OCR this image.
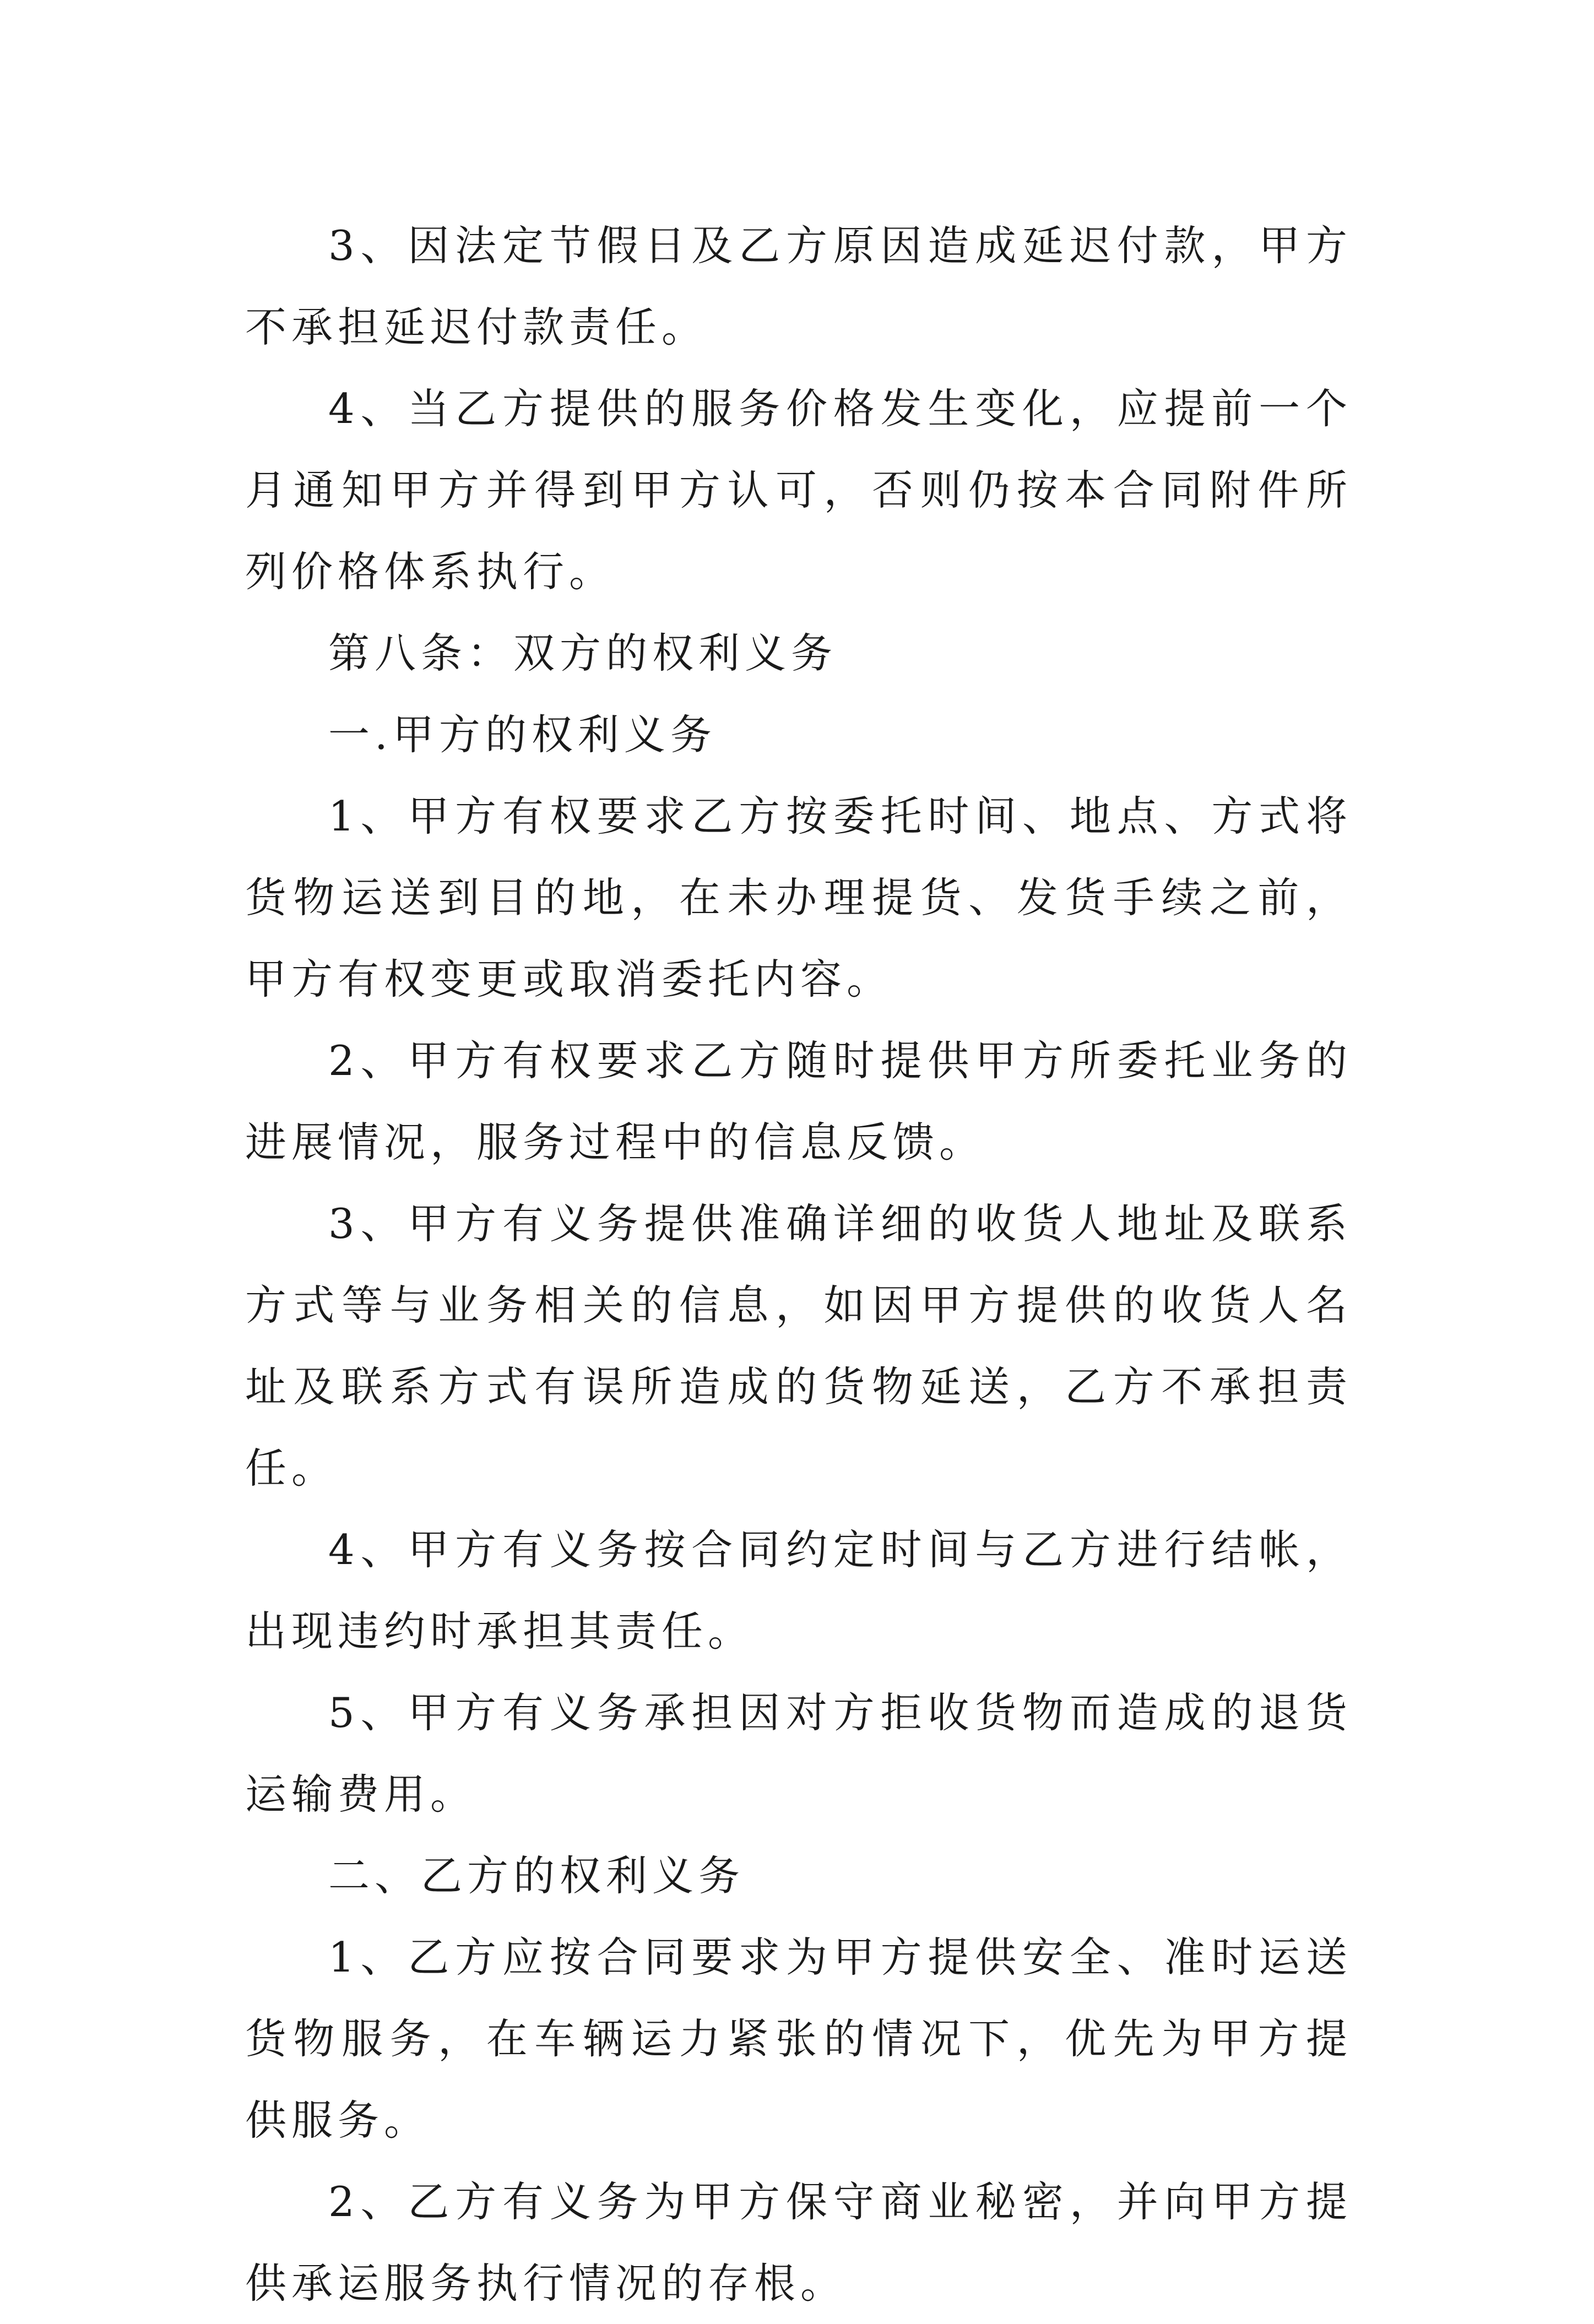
3、因法定节假日及乙方原因造成延迟付款，甲方不承担延迟付款责任。

4、当乙方提供的服务价格发生变化，应提前一个月通知甲方并得到甲方认可，否则仍按本合同附件所列价格体系执行。

第八条：双方的权利义务

一.甲方的权利义务

1、甲方有权要求乙方按委托时间、地点、方式将货物运送到目的地，在未办理提货、发货手续之前，甲方有权变更或取消委托内容。

2、甲方有权要求乙方随时提供甲方所委托业务的进展情况，服务过程中的信息反馈。

3、甲方有义务提供准确详细的收货人地址及联系方式等与业务相关的信息，如因甲方提供的收货人名址及联系方式有误所造成的货物延送，乙方不承担责任。

4、甲方有义务按合同约定时间与乙方进行结帐，出现违约时承担其责任。

5、甲方有义务承担因对方拒收货物而造成的退货运输费用。

二、乙方的权利义务

1、乙方应按合同要求为甲方提供安全、准时运送货物服务，在车辆运力紧张的情况下，优先为甲方提供服务。

2、乙方有义务为甲方保守商业秘密，并向甲方提供承运服务执行情况的存根。
